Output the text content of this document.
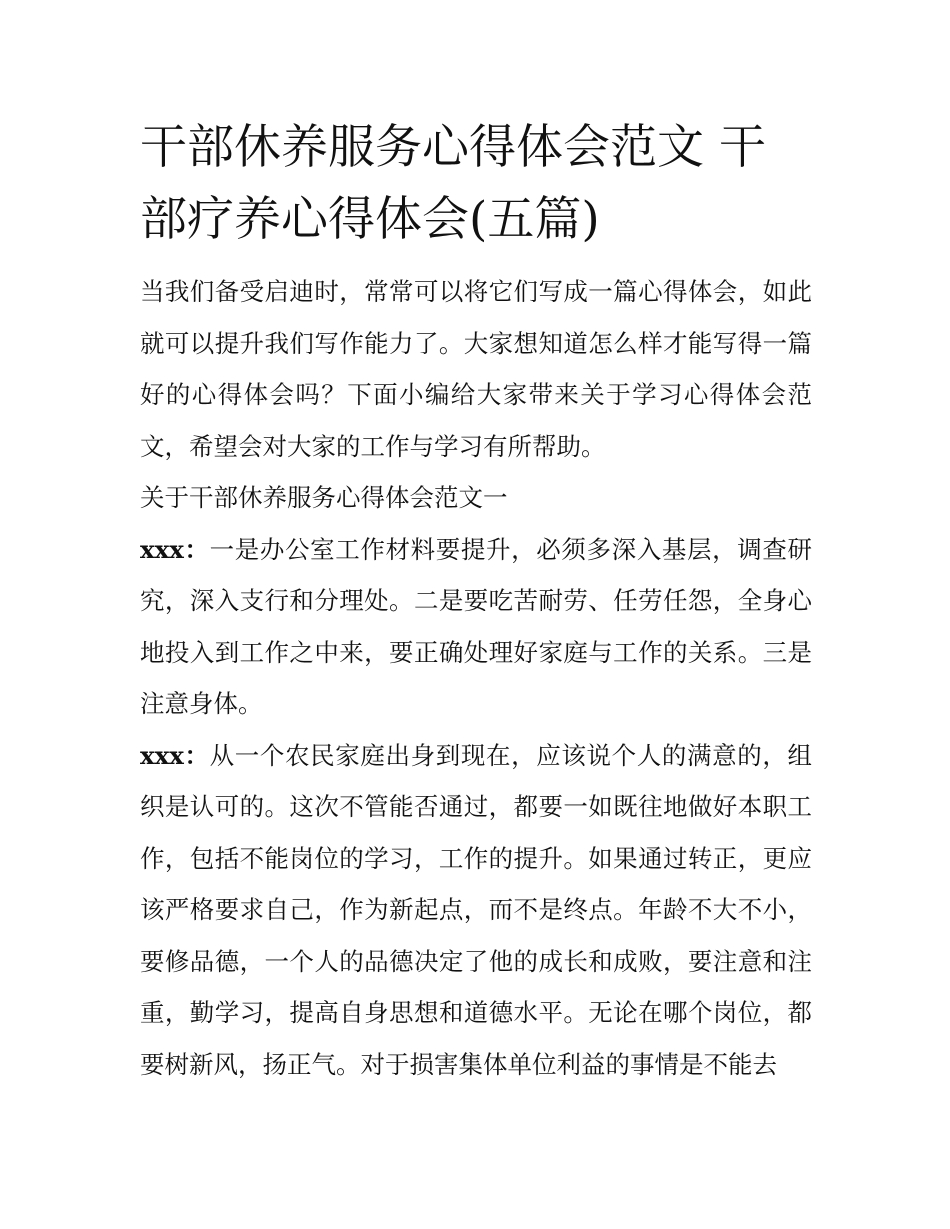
干部休养服务心得体会范文 干部疗养心得体会(五篇)

当我们备受启迪时，常常可以将它们写成一篇心得体会，如此就可以提升我们写作能力了。大家想知道怎么样才能写得一篇好的心得体会吗？下面小编给大家带来关于学习心得体会范文，希望会对大家的工作与学习有所帮助。

关于干部休养服务心得体会范文一

xxx：一是办公室工作材料要提升，必须多深入基层，调查研究，深入支行和分理处。二是要吃苦耐劳、任劳任怨，全身心地投入到工作之中来，要正确处理好家庭与工作的关系。三是注意身体。

xxx：从一个农民家庭出身到现在，应该说个人的满意的，组织是认可的。这次不管能否通过，都要一如既往地做好本职工作，包括不能岗位的学习，工作的提升。如果通过转正，更应该严格要求自己，作为新起点，而不是终点。年龄不大不小，要修品德，一个人的品德决定了他的成长和成败，要注意和注重，勤学习，提高自身思想和道德水平。无论在哪个岗位，都要树新风，扬正气。对于损害集体单位利益的事情是不能去
